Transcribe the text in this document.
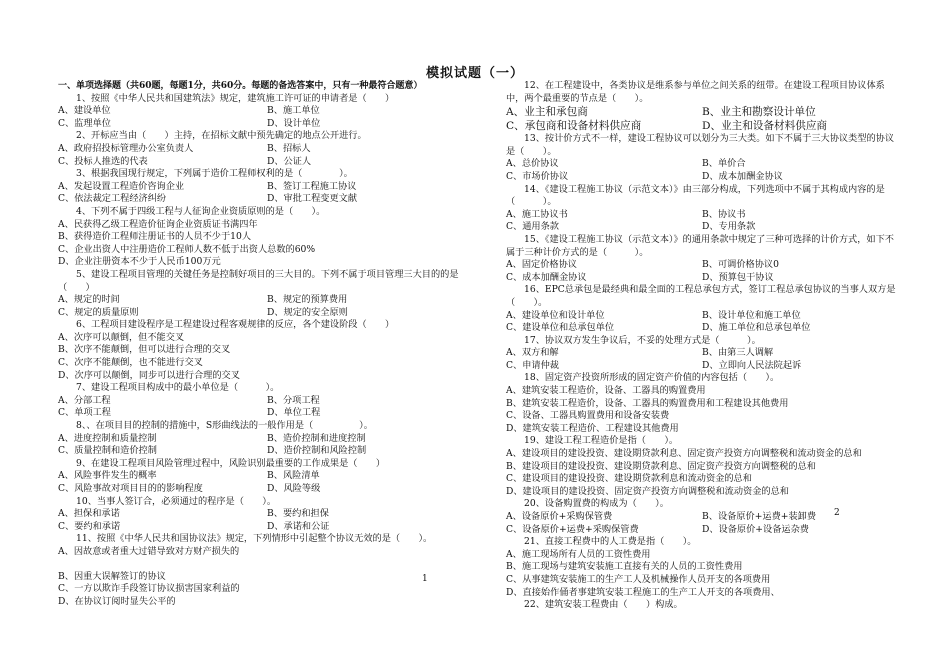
模拟试题（一）
一、单项选择题（共60题，每题1分，共60分。每题的备选答案中，只有一种最符合题意）
1、按照《中华人民共和国建筑法》规定，建筑施工许可证的申请者是（　　）
A、建设单位	B、施工单位
C、监理单位	D、设计单位
2、开标应当由（　　）主持，在招标文献中预先确定的地点公开进行。
A、政府招投标管理办公室负责人	B、招标人
C、投标人推选的代表	D、公证人
3、根据我国现行规定，下列属于造价工程师权利的是（　　　　）。
A、发起设置工程造价咨询企业	B、签订工程施工协议
C、依法裁定工程经济纠纷	D、审批工程变更文献
4、下列不属于四级工程与人征询企业资质原则的是（　　）。
A、民获得乙级工程造价征询企业资质证书满四年
B、获得造价工程师注册证书的人员不少于10人
C、企业出资人中注册造价工程师人数不低于出资人总数的60%
D、企业注册资本不少于人民币100万元
5、建设工程项目管理的关键任务是控制好项目的三大目的。下列不属于项目管理三大目的的是（　　）
A、规定的时间	B、规定的预算费用
C、规定的质量原则	D、规定的安全原则
6、工程项目建设程序是工程建设过程客观规律的反应，各个建设阶段（　　）
A、次序可以颠倒，但不能交叉
B、次序不能颠倒，但可以进行合理的交叉
C、次序不能颠倒，也不能进行交叉
D、次序可以颠倒，同步可以进行合理的交叉
7、建设工程项目构成中的最小单位是（　　　）。
A、分部工程	B、分项工程
C、单项工程	D、单位工程
8、、在项目目的控制的措施中，S形曲线法的一般作用是（　　　　　）。
A、进度控制和质量控制	B、造价控制和进度控制
C、质量控制和造价控制	D、造价控制和风险控制
9、在建设工程项目风险管理过程中，风险识别最重要的工作成果是（　　）
A、风险事件发生的概率	B、风险清单
C、风险事故对项目目的的影响程度	D、风险等级
10、当事人签订合，必须通过的程序是（　　）。
A、担保和承诺	B、要约和担保
C、要约和承诺	D、承诺和公证
11、按照《中华人民共和国协议法》规定，下列情形中引起整个协议无效的是（　　）。
A、因故意或者重大过错导致对方财产损失的
B、因重大误解签订的协议
C、一方以欺诈手段签订协议损害国家利益的
D、在协议订阅时显失公平的
12、在工程建设中，各类协议是维系参与单位之间关系的纽带。在建设工程项目协议体系中，两个最重要的节点是（　　）。
A、业主和承包商	B、业主和勘察设计单位
C、承包商和设备材料供应商	D、业主和设备材料供应商
13、按计价方式不一样，建设工程协议可以划分为三大类。如下不属于三大协议类型的协议是（　　）。
A、总价协议	B、单价合
C、市场价协议	D、成本加酬金协议
14、《建设工程施工协议（示范文本）》由三部分构成，下列选项中不属于其构成内容的是（　　　）。
A、施工协议书	B、协议书
C、通用条款	D、专用条款
15、《建设工程施工协议（示范文本）》的通用条款中规定了三种可选择的计价方式，如下不属于三种计价方式的是（　　　）。
A、固定价格协议	B、可调价格协议0
C、成本加酬金协议	D、预算包干协议
16、EPC总承包是最经典和最全面的工程总承包方式，签订工程总承包协议的当事人双方是（　　）。
A、建设单位和设计单位	B、设计单位和施工单位
C、建设单位和总承包单位	D、施工单位和总承包单位
17、协议双方发生争议后，不妥的处理方式是（　　　）。
A、双方和解	B、由第三人调解
C、申请仲裁	D、立即向人民法院起诉
18、固定资产投资所形成的固定资产价值的内容包括（　　）。
A、建筑安装工程造价，设备、工器具的购置费用
B、建筑安装工程造价，设备、工器具的购置费用和工程建设其他费用
C、设备、工器具购置费用和设备安装费
D、建筑安装工程造价、工程建设其他费用
19、建设工程工程造价是指（　　）。
A、建设项目的建设投资、建设期贷款利息、固定资产投资方向调整税和流动资金的总和
B、建设项目的建设投资、建设期贷款利息、固定资产投资方向调整税的总和
C、建设项目的建设投资、建设期贷款利息和流动资金的总和
D、建设项目的建设投资、固定资产投资方向调整税和流动资金的总和
20、设备购置费的构成为（　　）。
A、设备原价+采购保管费	B、设备原价+运费+装卸费
C、设备原价+运费+采购保管费	D、设备原价+设备运杂费
21、直接工程费中的人工费是指（　　）。
A、施工现场所有人员的工资性费用
B、施工现场与建筑安装施工直接有关的人员的工资性费用
C、从事建筑安装施工的生产工人及机械操作人员开支的各项费用
D、直接始作俑者事建筑安装工程施工的生产工人开支的各项费用、
22、建筑安装工程费由（　　）构成。
1
2
